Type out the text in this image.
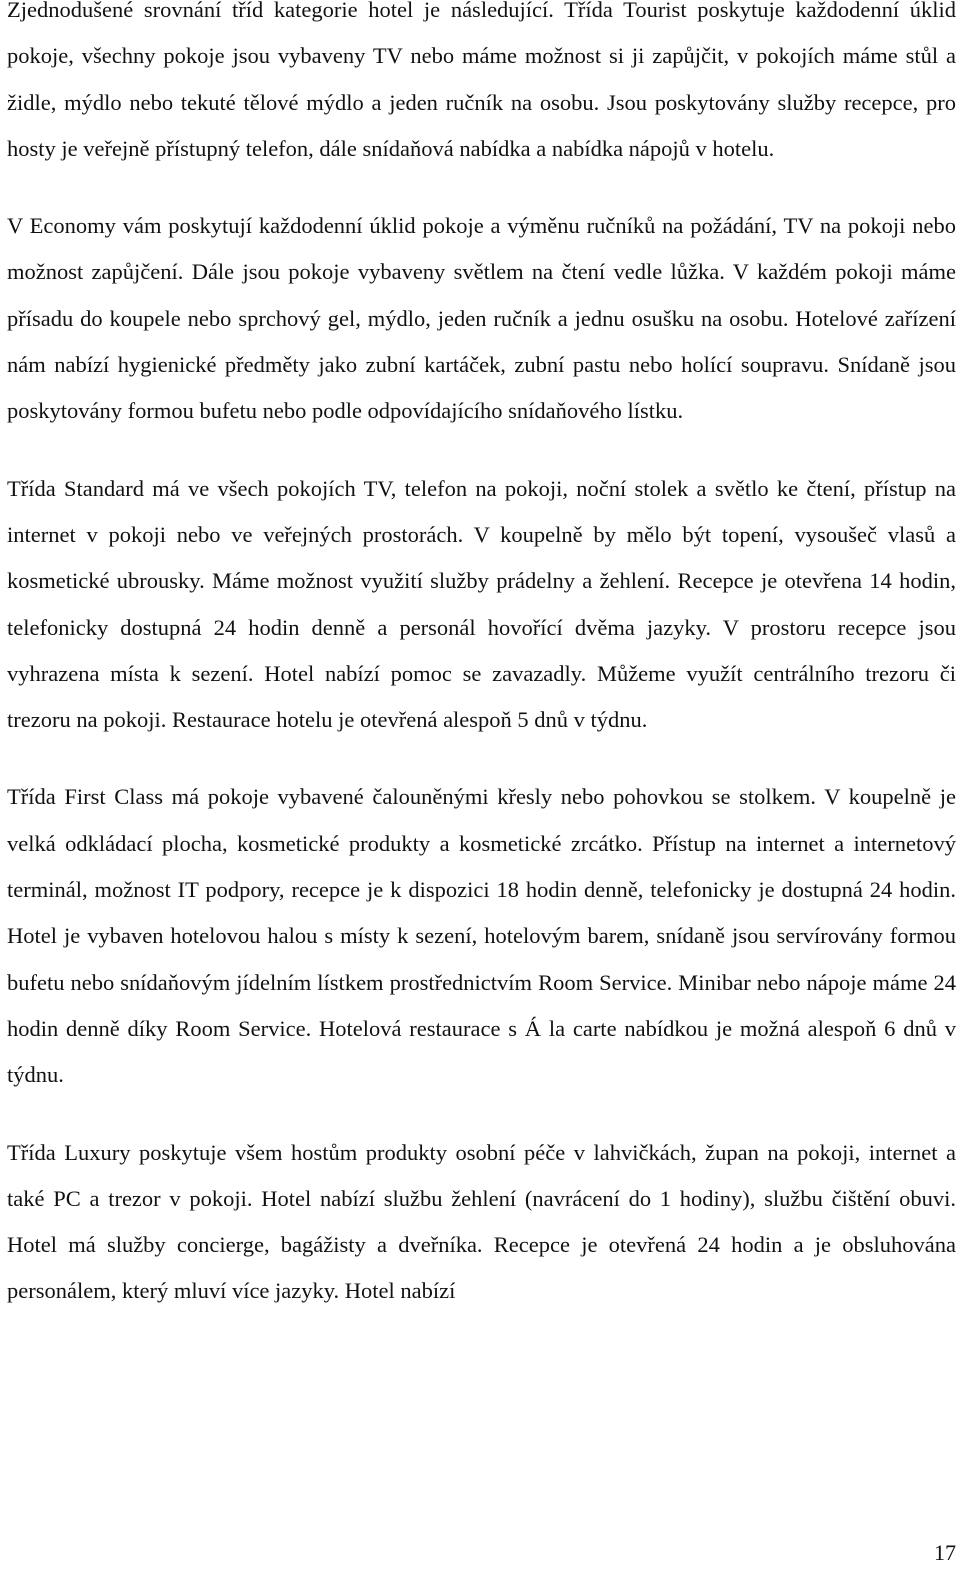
Zjednodušené srovnání tříd kategorie hotel je následující. Třída Tourist poskytuje každodenní úklid pokoje, všechny pokoje jsou vybaveny TV nebo máme možnost si ji zapůjčit, v pokojích máme stůl a židle, mýdlo nebo tekuté tělové mýdlo a jeden ručník na osobu. Jsou poskytovány služby recepce, pro hosty je veřejně přístupný telefon, dále snídaňová nabídka a nabídka nápojů v hotelu.

V Economy vám poskytují každodenní úklid pokoje a výměnu ručníků na požádání, TV na pokoji nebo možnost zapůjčení. Dále jsou pokoje vybaveny světlem na čtení vedle lůžka. V každém pokoji máme přísadu do koupele nebo sprchový gel, mýdlo, jeden ručník a jednu osušku na osobu. Hotelové zařízení nám nabízí hygienické předměty jako zubní kartáček, zubní pastu nebo holící soupravu. Snídaně jsou poskytovány formou bufetu nebo podle odpovídajícího snídaňového lístku.

Třída Standard má ve všech pokojích TV, telefon na pokoji, noční stolek a světlo ke čtení, přístup na internet v pokoji nebo ve veřejných prostorách. V koupelně by mělo být topení, vysoušeč vlasů a kosmetické ubrousky. Máme možnost využití služby prádelny a žehlení. Recepce je otevřena 14 hodin, telefonicky dostupná 24 hodin denně a personál hovořící dvěma jazyky. V prostoru recepce jsou vyhrazena místa k sezení. Hotel nabízí pomoc se zavazadly. Můžeme využít centrálního trezoru či trezoru na pokoji. Restaurace hotelu je otevřená alespoň 5 dnů v týdnu.

Třída First Class má pokoje vybavené čalouněnými křesly nebo pohovkou se stolkem. V koupelně je velká odkládací plocha, kosmetické produkty a kosmetické zrcátko. Přístup na internet a internetový terminál, možnost IT podpory, recepce je k dispozici 18 hodin denně, telefonicky je dostupná 24 hodin. Hotel je vybaven hotelovou halou s místy k sezení, hotelovým barem, snídaně jsou servírovány formou bufetu nebo snídaňovým jídelním lístkem prostřednictvím Room Service. Minibar nebo nápoje máme 24 hodin denně díky Room Service. Hotelová restaurace s Á la carte nabídkou je možná alespoň 6 dnů v týdnu.

Třída Luxury poskytuje všem hostům produkty osobní péče v lahvičkách, župan na pokoji, internet a také PC a trezor v pokoji. Hotel nabízí službu žehlení (navrácení do 1 hodiny), službu čištění obuvi. Hotel má služby concierge, bagážisty a dveřníka. Recepce je otevřená 24 hodin a je obsluhována personálem, který mluví více jazyky. Hotel nabízí

17
